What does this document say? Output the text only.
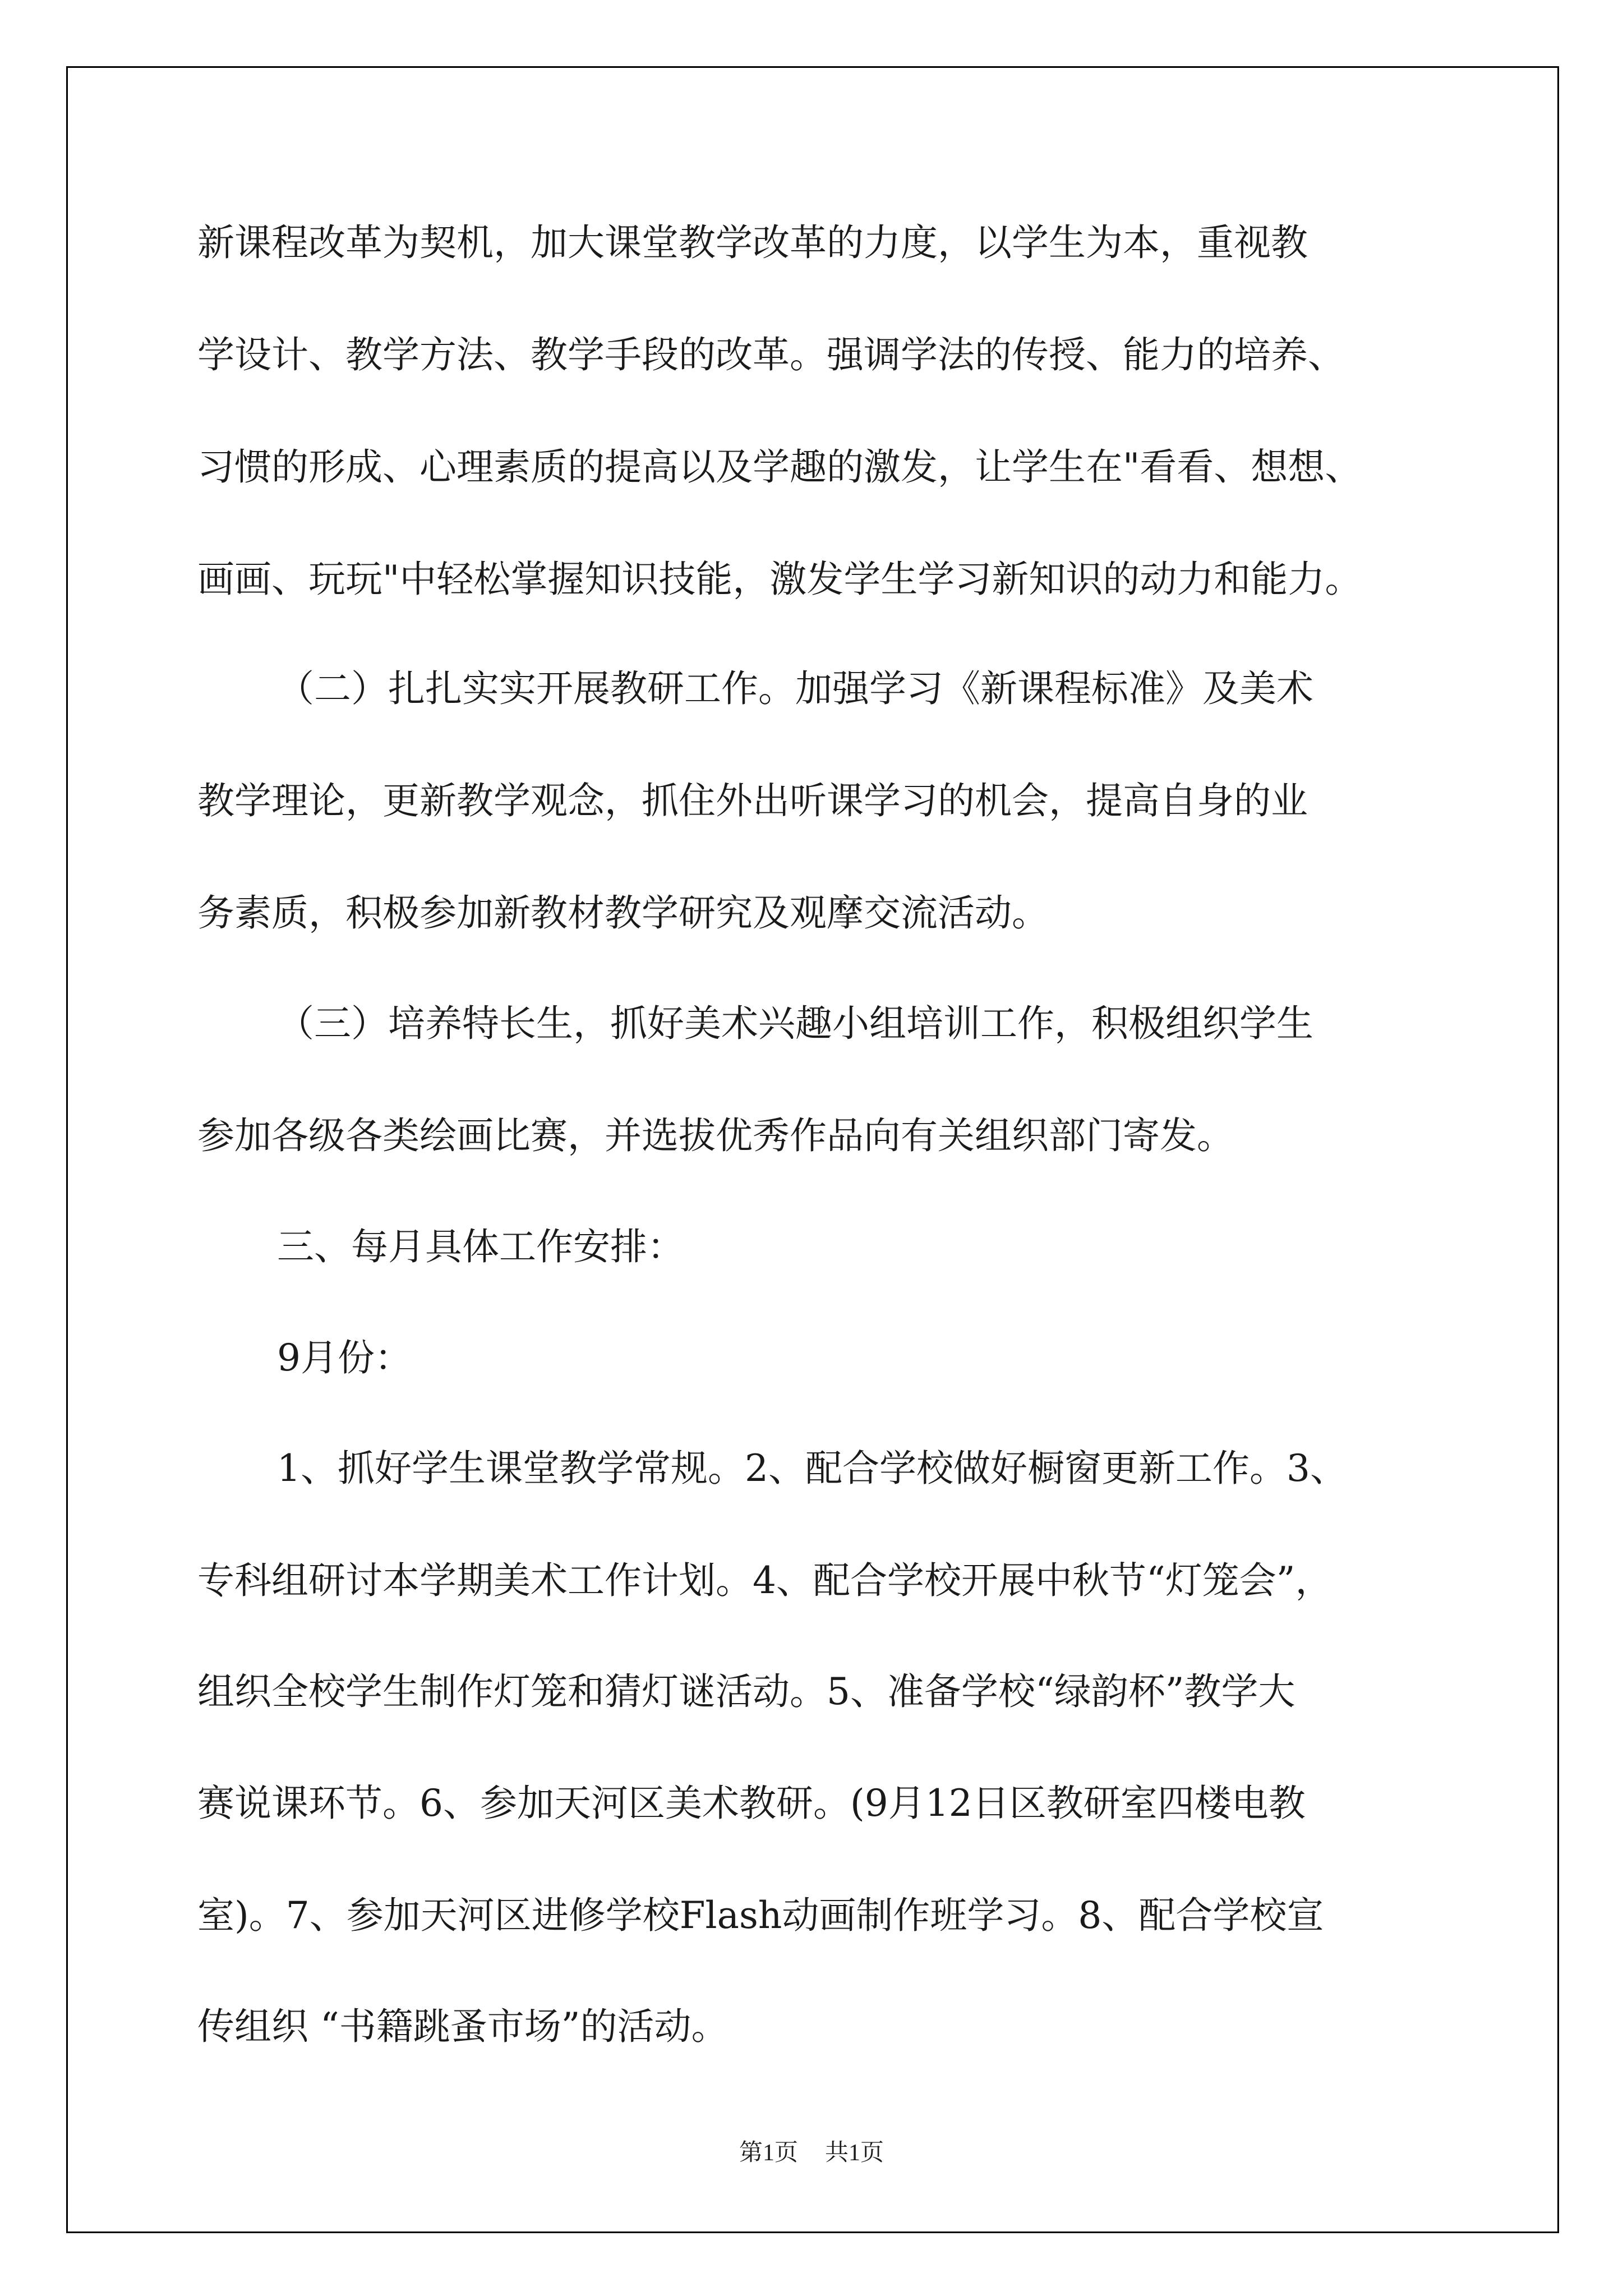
新课程改革为契机，加大课堂教学改革的力度，以学生为本，重视教

学设计、教学方法、教学手段的改革。强调学法的传授、能力的培养、

习惯的形成、心理素质的提高以及学趣的激发，让学生在"看看、想想、

画画、玩玩"中轻松掌握知识技能，激发学生学习新知识的动力和能力。

（二）扎扎实实开展教研工作。加强学习《新课程标准》及美术

教学理论，更新教学观念，抓住外出听课学习的机会，提高自身的业

务素质，积极参加新教材教学研究及观摩交流活动。

（三）培养特长生，抓好美术兴趣小组培训工作，积极组织学生

参加各级各类绘画比赛，并选拔优秀作品向有关组织部门寄发。

三、每月具体工作安排：

9月份：

1、抓好学生课堂教学常规。2、配合学校做好橱窗更新工作。3、

专科组研讨本学期美术工作计划。4、配合学校开展中秋节“灯笼会”，

组织全校学生制作灯笼和猜灯谜活动。5、准备学校“绿韵杯”教学大

赛说课环节。6、参加天河区美术教研。(9月12日区教研室四楼电教

室)。7、参加天河区进修学校Flash动画制作班学习。8、配合学校宣

传组织 “书籍跳蚤市场”的活动。

第1页 共1页
